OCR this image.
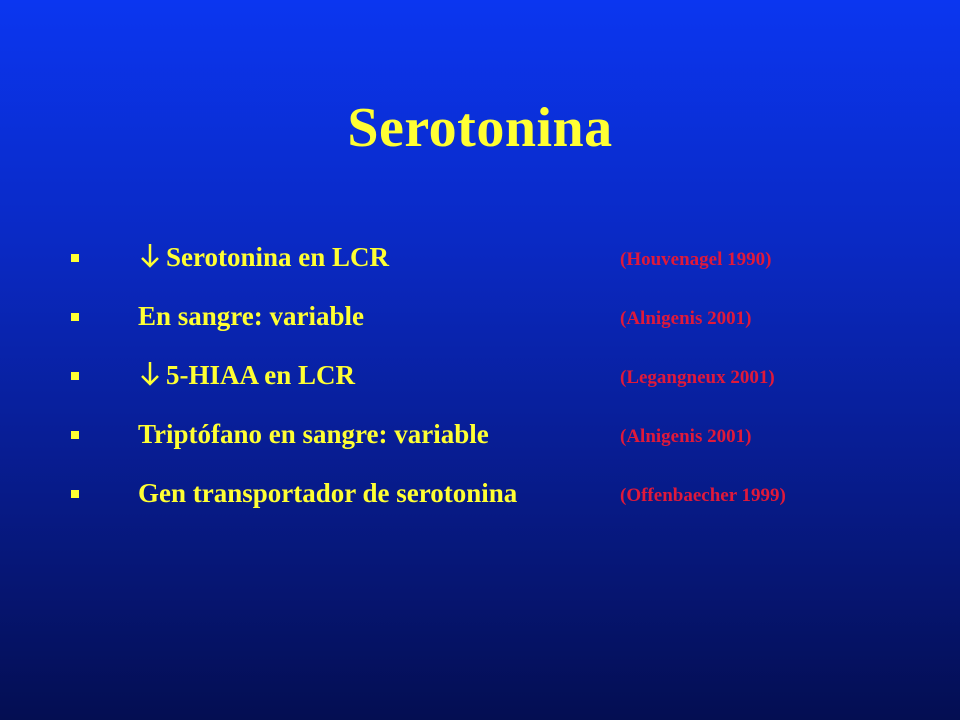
Serotonina
Serotonina en LCR	(Houvenagel 1990)
En sangre: variable	(Alnigenis 2001)
5-HIAA en LCR	(Legangneux 2001)
Triptófano en sangre: variable	(Alnigenis 2001)
Gen transportador de serotonina	(Offenbaecher 1999)
